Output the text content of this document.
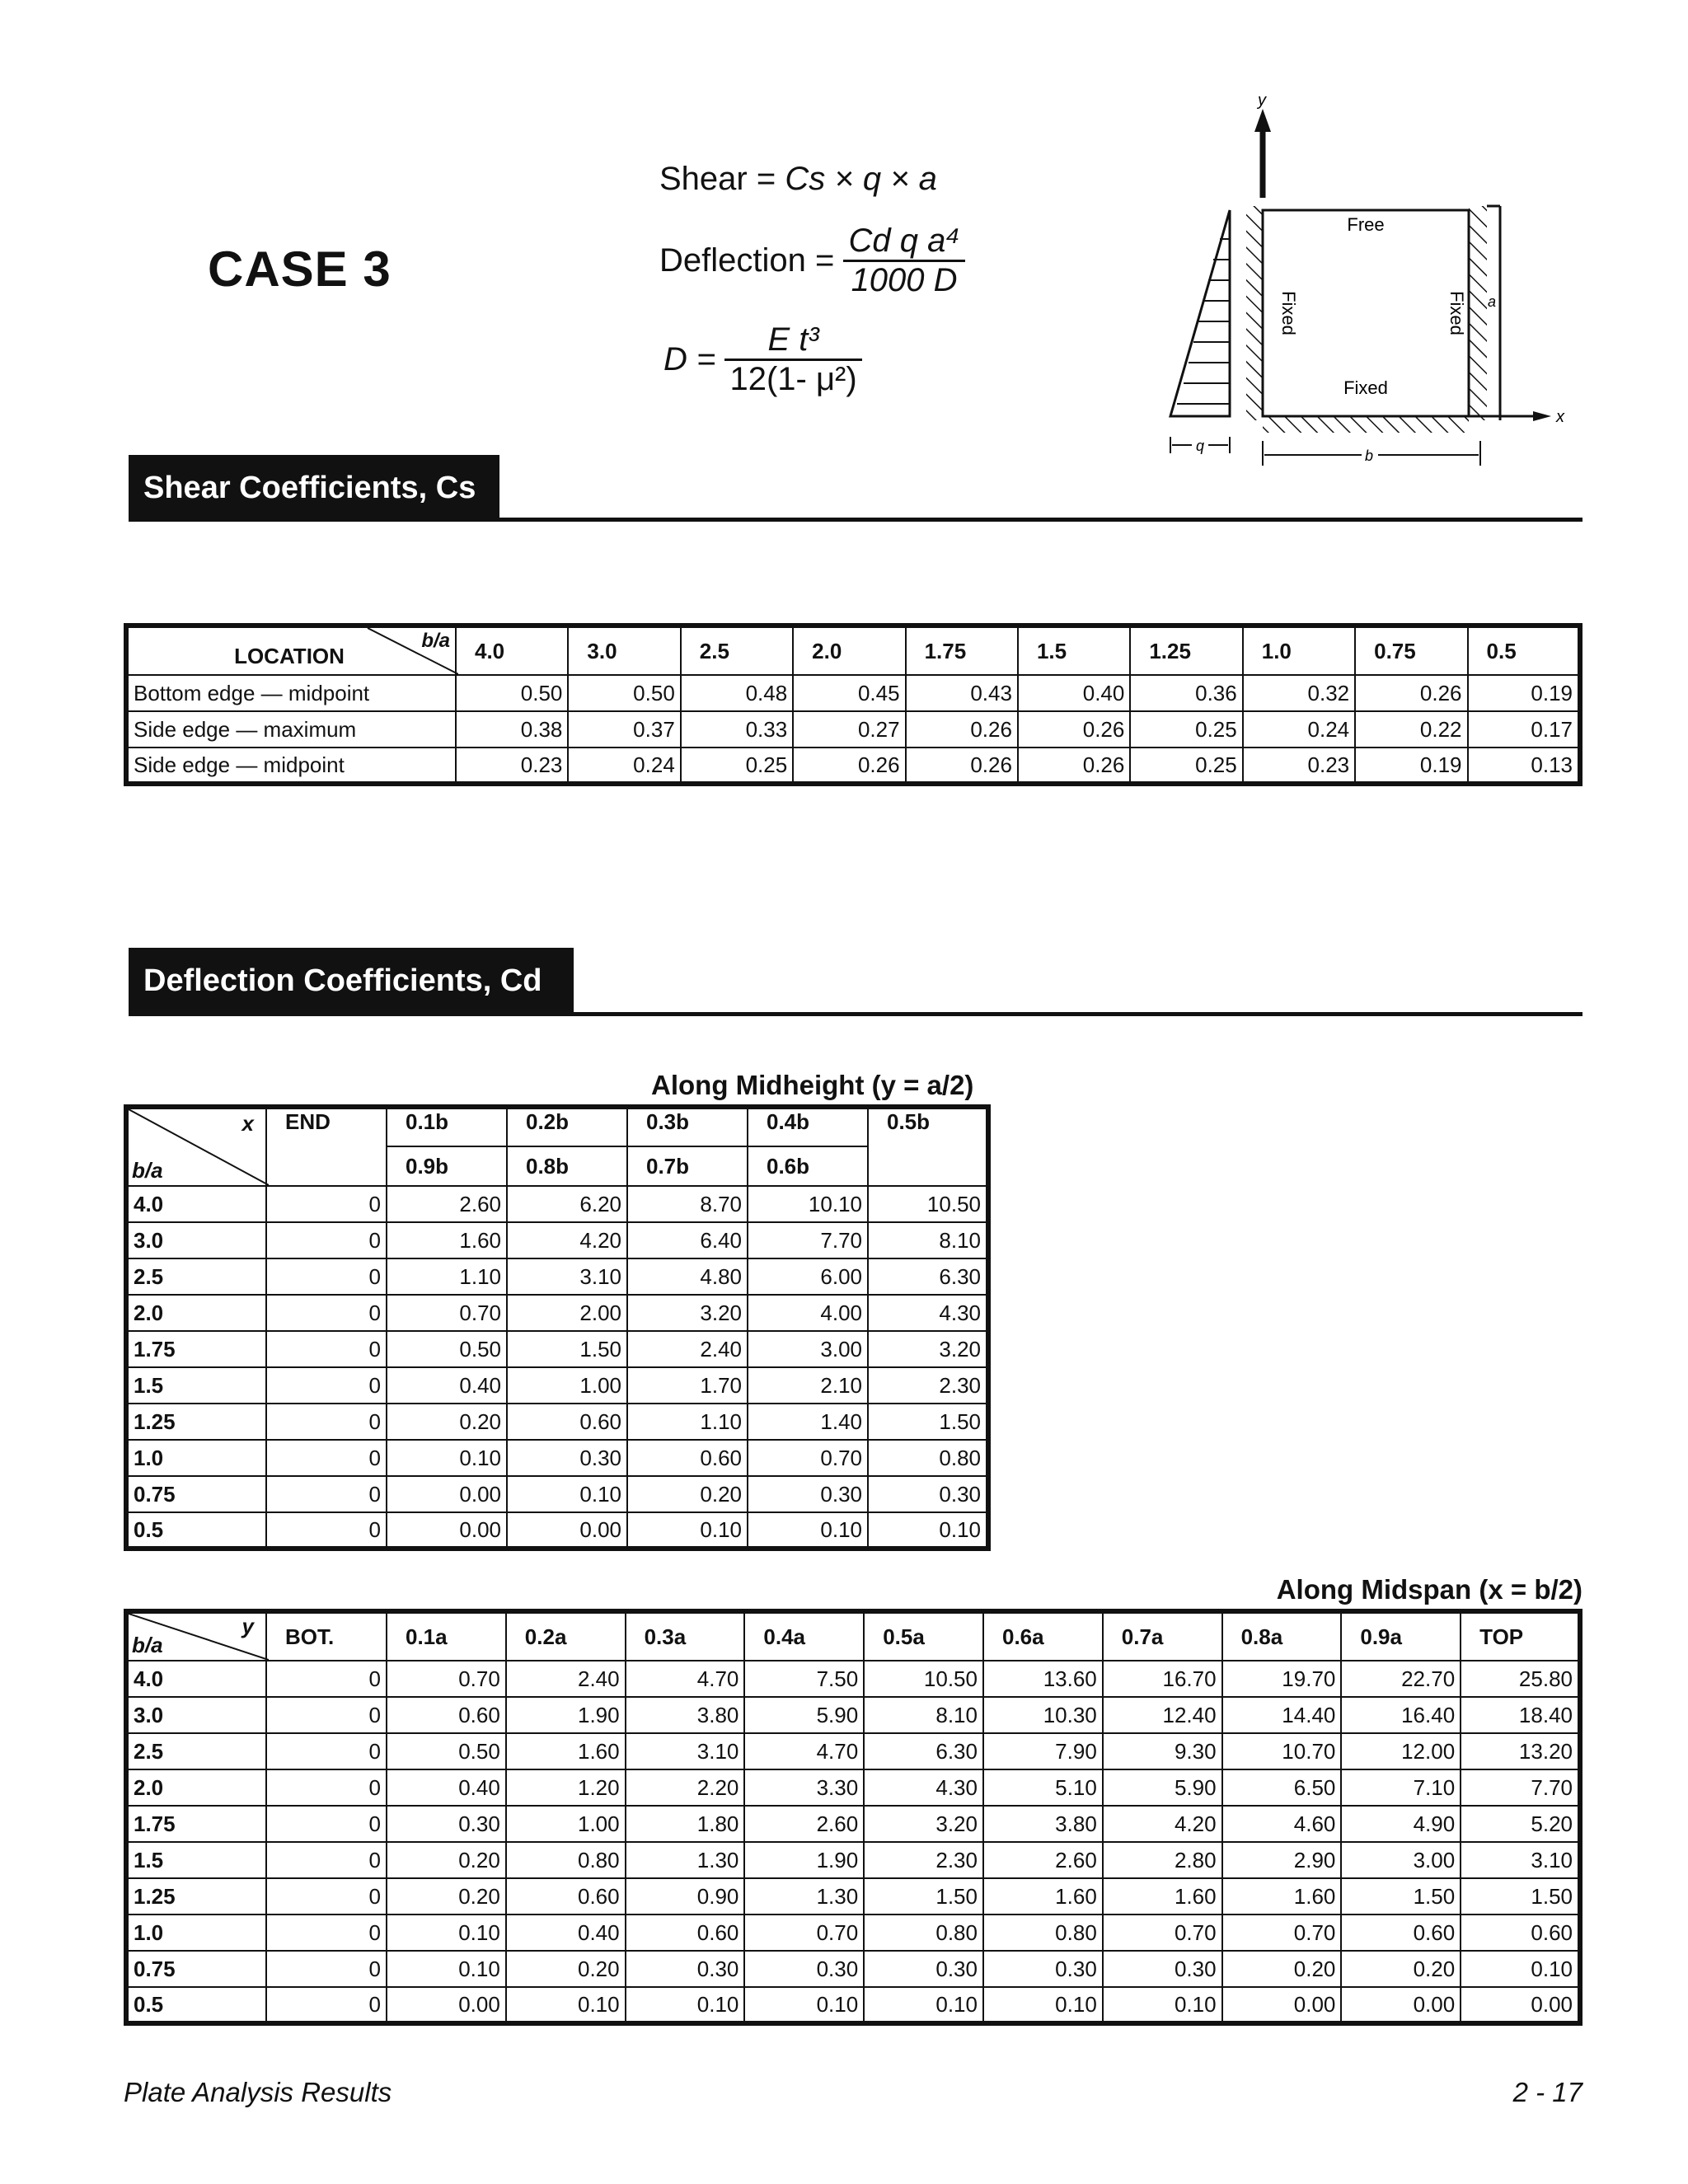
CASE 3
Shear = Cs × q × a
Deflection = $\frac{\text{Cd q a⁴}}{1000 D}$
$D = \frac{\text{E t³}}{\text{12(1- μ²)}}$
y
x
q
b
a
Free
Fixed
Fixed	Fixed
Shear Coefficients, Cs
LOCATION
b/a	4.0	3.0	2.5	2.0	1.75	1.5	1.25	1.0	0.75	0.5
Bottom edge — midpoint	0.50	0.50	0.48	0.45	0.43	0.40	0.36	0.32	0.26	0.19
Side edge — maximum	0.38	0.37	0.33	0.27	0.26	0.26	0.25	0.24	0.22	0.17
Side edge — midpoint	0.23	0.24	0.25	0.26	0.26	0.26	0.25	0.23	0.19	0.13
Deflection Coefficients, Cd
Along Midheight (y = a/2)
x
b/a	END	0.1b	0.2b	0.3b	0.4b	0.5b
		0.9b	0.8b	0.7b	0.6b	
4.0	0	2.60	6.20	8.70	10.10	10.50
3.0	0	1.60	4.20	6.40	7.70	8.10
2.5	0	1.10	3.10	4.80	6.00	6.30
2.0	0	0.70	2.00	3.20	4.00	4.30
1.75	0	0.50	1.50	2.40	3.00	3.20
1.5	0	0.40	1.00	1.70	2.10	2.30
1.25	0	0.20	0.60	1.10	1.40	1.50
1.0	0	0.10	0.30	0.60	0.70	0.80
0.75	0	0.00	0.10	0.20	0.30	0.30
0.5	0	0.00	0.00	0.10	0.10	0.10
Along Midspan (x = b/2)
y
b/a	BOT.	0.1a	0.2a	0.3a	0.4a	0.5a	0.6a	0.7a	0.8a	0.9a	TOP
4.0	0	0.70	2.40	4.70	7.50	10.50	13.60	16.70	19.70	22.70	25.80
3.0	0	0.60	1.90	3.80	5.90	8.10	10.30	12.40	14.40	16.40	18.40
2.5	0	0.50	1.60	3.10	4.70	6.30	7.90	9.30	10.70	12.00	13.20
2.0	0	0.40	1.20	2.20	3.30	4.30	5.10	5.90	6.50	7.10	7.70
1.75	0	0.30	1.00	1.80	2.60	3.20	3.80	4.20	4.60	4.90	5.20
1.5	0	0.20	0.80	1.30	1.90	2.30	2.60	2.80	2.90	3.00	3.10
1.25	0	0.20	0.60	0.90	1.30	1.50	1.60	1.60	1.60	1.50	1.50
1.0	0	0.10	0.40	0.60	0.70	0.80	0.80	0.70	0.70	0.60	0.60
0.75	0	0.10	0.20	0.30	0.30	0.30	0.30	0.30	0.20	0.20	0.10
0.5	0	0.00	0.10	0.10	0.10	0.10	0.10	0.10	0.00	0.00	0.00
Plate Analysis Results	2 - 17
